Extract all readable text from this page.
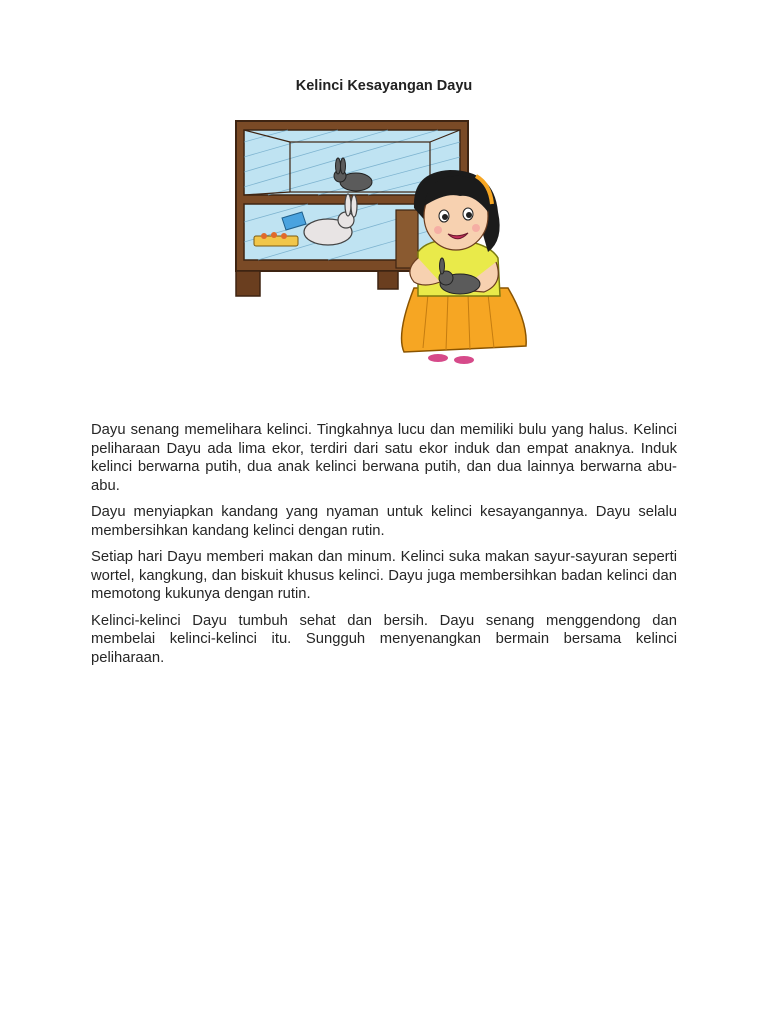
Kelinci Kesayangan Dayu

Dayu senang memelihara kelinci. Tingkahnya lucu dan memiliki bulu yang halus. Kelinci peliharaan Dayu ada lima ekor, terdiri dari satu ekor induk dan empat anaknya. Induk kelinci berwarna putih, dua anak kelinci berwana putih, dan dua lainnya berwarna abu-abu.

Dayu menyiapkan kandang yang nyaman untuk kelinci kesayangannya. Dayu selalu membersihkan kandang kelinci dengan rutin.

Setiap hari Dayu memberi makan dan minum. Kelinci suka makan sayur-sayuran seperti wortel, kangkung, dan biskuit khusus kelinci. Dayu juga membersihkan badan kelinci dan memotong kukunya dengan rutin.

Kelinci-kelinci Dayu tumbuh sehat dan bersih. Dayu senang menggendong dan membelai kelinci-kelinci itu. Sungguh menyenangkan bermain bersama kelinci peliharaan.
